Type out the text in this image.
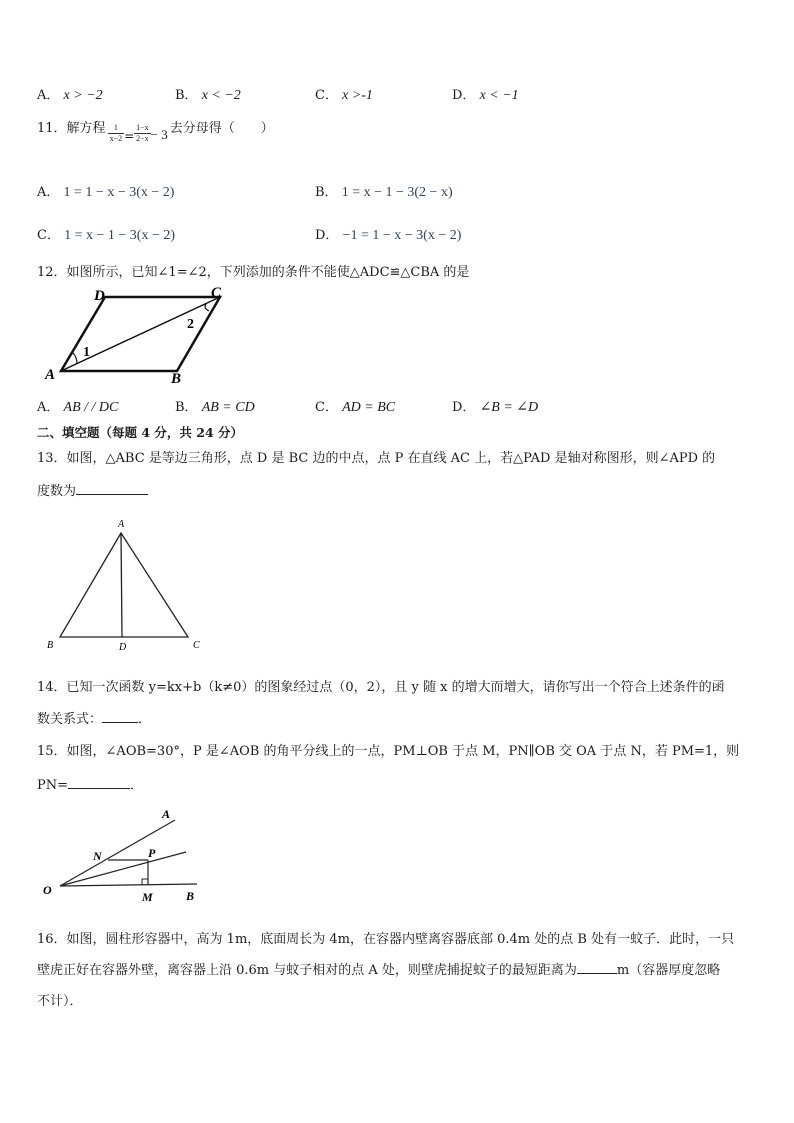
A． x > −2	B． x < −2	C． x >-1	D． x < −1
11． 解方程 $\frac{1}{x-2} = \frac{1-x}{2-x} - 3$ 去分母得（　　）
A． 1 = 1 − x − 3(x − 2)	B． 1 = x − 1 − 3(2 − x)
C． 1 = x − 1 − 3(x − 2)	D． −1 = 1 − x − 3(x − 2)
12．如图所示，已知∠1=∠2，下列添加的条件不能使△ADC≌△CBA 的是
A	B
C
D
1
2
A． AB / / DC	B． AB = CD	C． AD = BC	D． ∠B = ∠D
二、填空题（每题 4 分，共 24 分）
13．如图，△ABC 是等边三角形，点 D 是 BC 边的中点，点 P 在直线 AC 上，若△PAD 是轴对称图形，则∠APD 的
度数为
A
B	C
D
14．已知一次函数 y=kx+b（k≠0）的图象经过点（0，2），且 y 随 x 的增大而增大，请你写出一个符合上述条件的函
数关系式：	．
15．如图，∠AOB=30°，P 是∠AOB 的角平分线上的一点，PM⊥OB 于点 M，PN∥OB 交 OA 于点 N，若 PM=1，则
PN=	．
A
B
O
N	P
M
16．如图，圆柱形容器中，高为 1m，底面周长为 4m，在容器内壁离容器底部 0.4m 处的点 B 处有一蚊子．此时，一只
壁虎正好在容器外壁，离容器上沿 0.6m 与蚊子相对的点 A 处，则壁虎捕捉蚊子的最短距离为	m（容器厚度忽略
不计）．
